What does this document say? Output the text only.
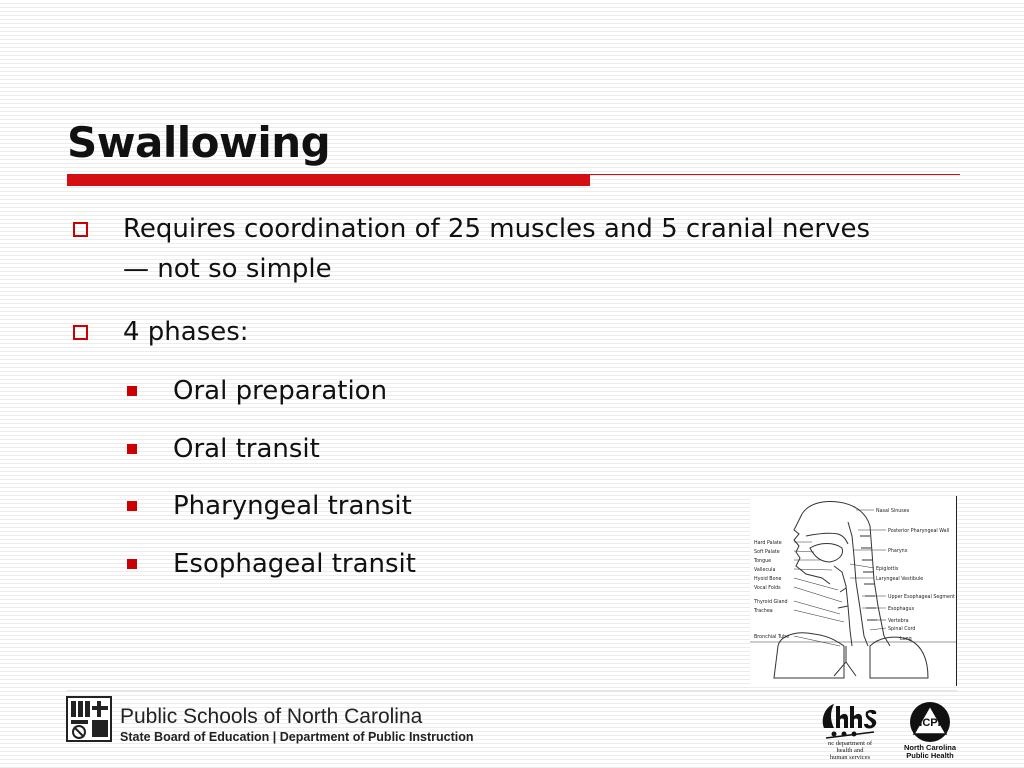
Swallowing
Requires coordination of 25 muscles and 5 cranial nerves
— not so simple
4 phases:
Oral preparation
Oral transit
Pharyngeal transit
Esophageal transit
Hard Palate
Soft Palate
Tongue
Vallecula
Hyoid Bone
Vocal Folds
Thyroid Gland
Trachea
Bronchial Tube
Nasal Sinuses
Posterior Pharyngeal Wall
Pharynx
Epiglottis
Laryngeal Vestibule
Upper Esophageal Segment
Esophagus
Vertebra
Spinal Cord
Lung
Public Schools of North Carolina
State Board of Education | Department of Public Instruction	nc department of
health and
human services
NCPH
North Carolina
Public Health
